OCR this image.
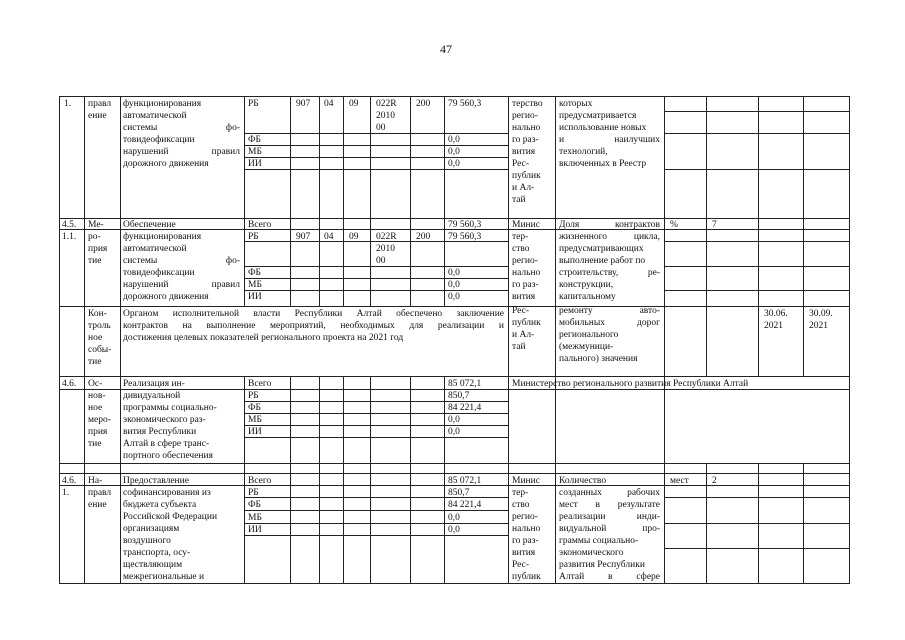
47
1. правл ение
функционирования
автоматической
системы фо-
товидеофиксации
нарушений правил
дорожного движения
РБ
ФБ
МБ
ИИ
907 04 09 022R
2010
00
200 79 560,3
0,0
0,0
0,0
терство
регио-
нально
го раз-
вития
Рес-
публик
и Ал-
тай
которых
предусматривается
использование новых
и наилучших
технологий,
включенных в Реестр
4.5.
1.1.
Ме-
ро-
прия
тие
Обеспечение
функционирования
автоматической
системы фо-
товидеофиксации
нарушений правил
дорожного движения
Всего
РБ
ФБ
МБ
ИИ
907 04 09 022R
2010
00
200
79 560,3
79 560,3
0,0
0,0
0,0
Минис
тер-
ство
регио-
нально
го раз-
вития
Рес-
публик
и Ал-
тай
Доля контрактов
жизненного цикла,
предусматривающих
выполнение работ по
строительству, ре-
конструкции,
капитальному
ремонту авто-
мобильных дорог
регионального
(межмуници-
пального) значения
%	7
Кон-
троль
ное
собы-
тие
Органом исполнительной власти Республики Алтай обеспечено заключение
контрактов на выполнение мероприятий, необходимых для реализации и
достижения целевых показателей регионального проекта на 2021 год
30.06.
2021
30.09.
2021
4.6. Ос-
нов-
ное
меро-
прия
тие
Реализация ин-
дивидуальной
программы социально-
экономического раз-
вития Республики
Алтай в сфере транс-
портного обеспечения
Всего
РБ
ФБ
МБ
ИИ
85 072,1
850,7
84 221,4
0,0
0,0
Министерство регионального развития Республики Алтай
4.6.
1.
На-
правл
ение
Предоставление
софинансирования из
бюджета субъекта
Российской Федерации
организациям
воздушного
транспорта, осу-
ществляющим
межрегиональные и
Всего
РБ
ФБ
МБ
ИИ
85 072,1
850,7
84 221,4
0,0
0,0
Минис
тер-
ство
регио-
нально
го раз-
вития
Рес-
публик
Количество
созданных рабочих
мест в результате
реализации инди-
видуальной про-
граммы социально-
экономического
развития Республики
Алтай в сфере
мест 2
